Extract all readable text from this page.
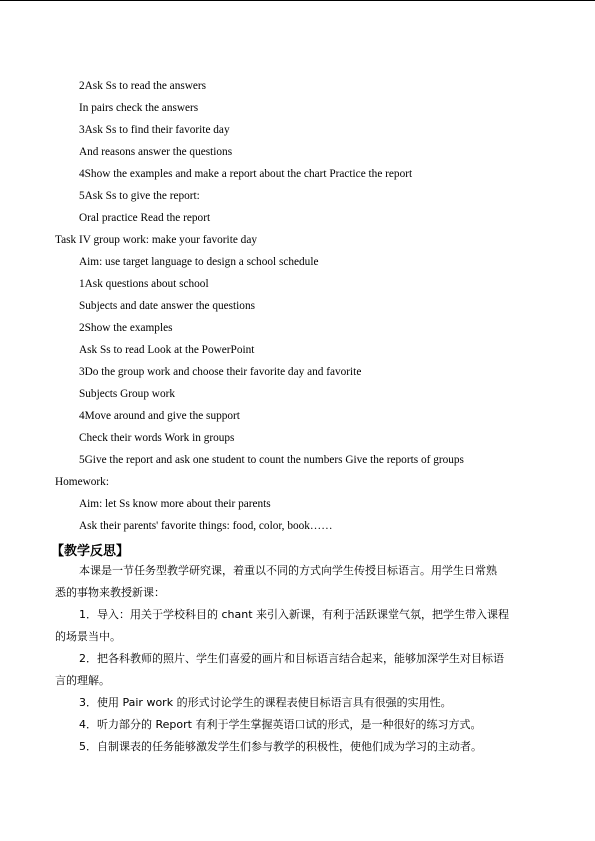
2Ask Ss to read the answers
In pairs check the answers
3Ask Ss to find their favorite day
And reasons answer the questions
4Show the examples and make a report about the chart Practice the report
5Ask Ss to give the report:
Oral practice Read the report
Task IV group work: make your favorite day
Aim: use target language to design a school schedule
1Ask questions about school
Subjects and date answer the questions
2Show the examples
Ask Ss to read Look at the PowerPoint
3Do the group work and choose their favorite day and favorite
Subjects Group work
4Move around and give the support
Check their words Work in groups
5Give the report and ask one student to count the numbers Give the reports of groups
Homework:
Aim: let Ss know more about their parents
Ask their parents' favorite things: food, color, book……
【教学反思】
本课是一节任务型教学研究课，着重以不同的方式向学生传授目标语言。用学生日常熟
悉的事物来教授新课：
1．导入：用关于学校科目的 chant 来引入新课，有利于活跃课堂气氛，把学生带入课程
的场景当中。
2．把各科教师的照片、学生们喜爱的画片和目标语言结合起来，能够加深学生对目标语
言的理解。
3．使用 Pair work 的形式讨论学生的课程表使目标语言具有很强的实用性。
4．听力部分的 Report 有利于学生掌握英语口试的形式，是一种很好的练习方式。
5．自制课表的任务能够激发学生们参与教学的积极性，使他们成为学习的主动者。
